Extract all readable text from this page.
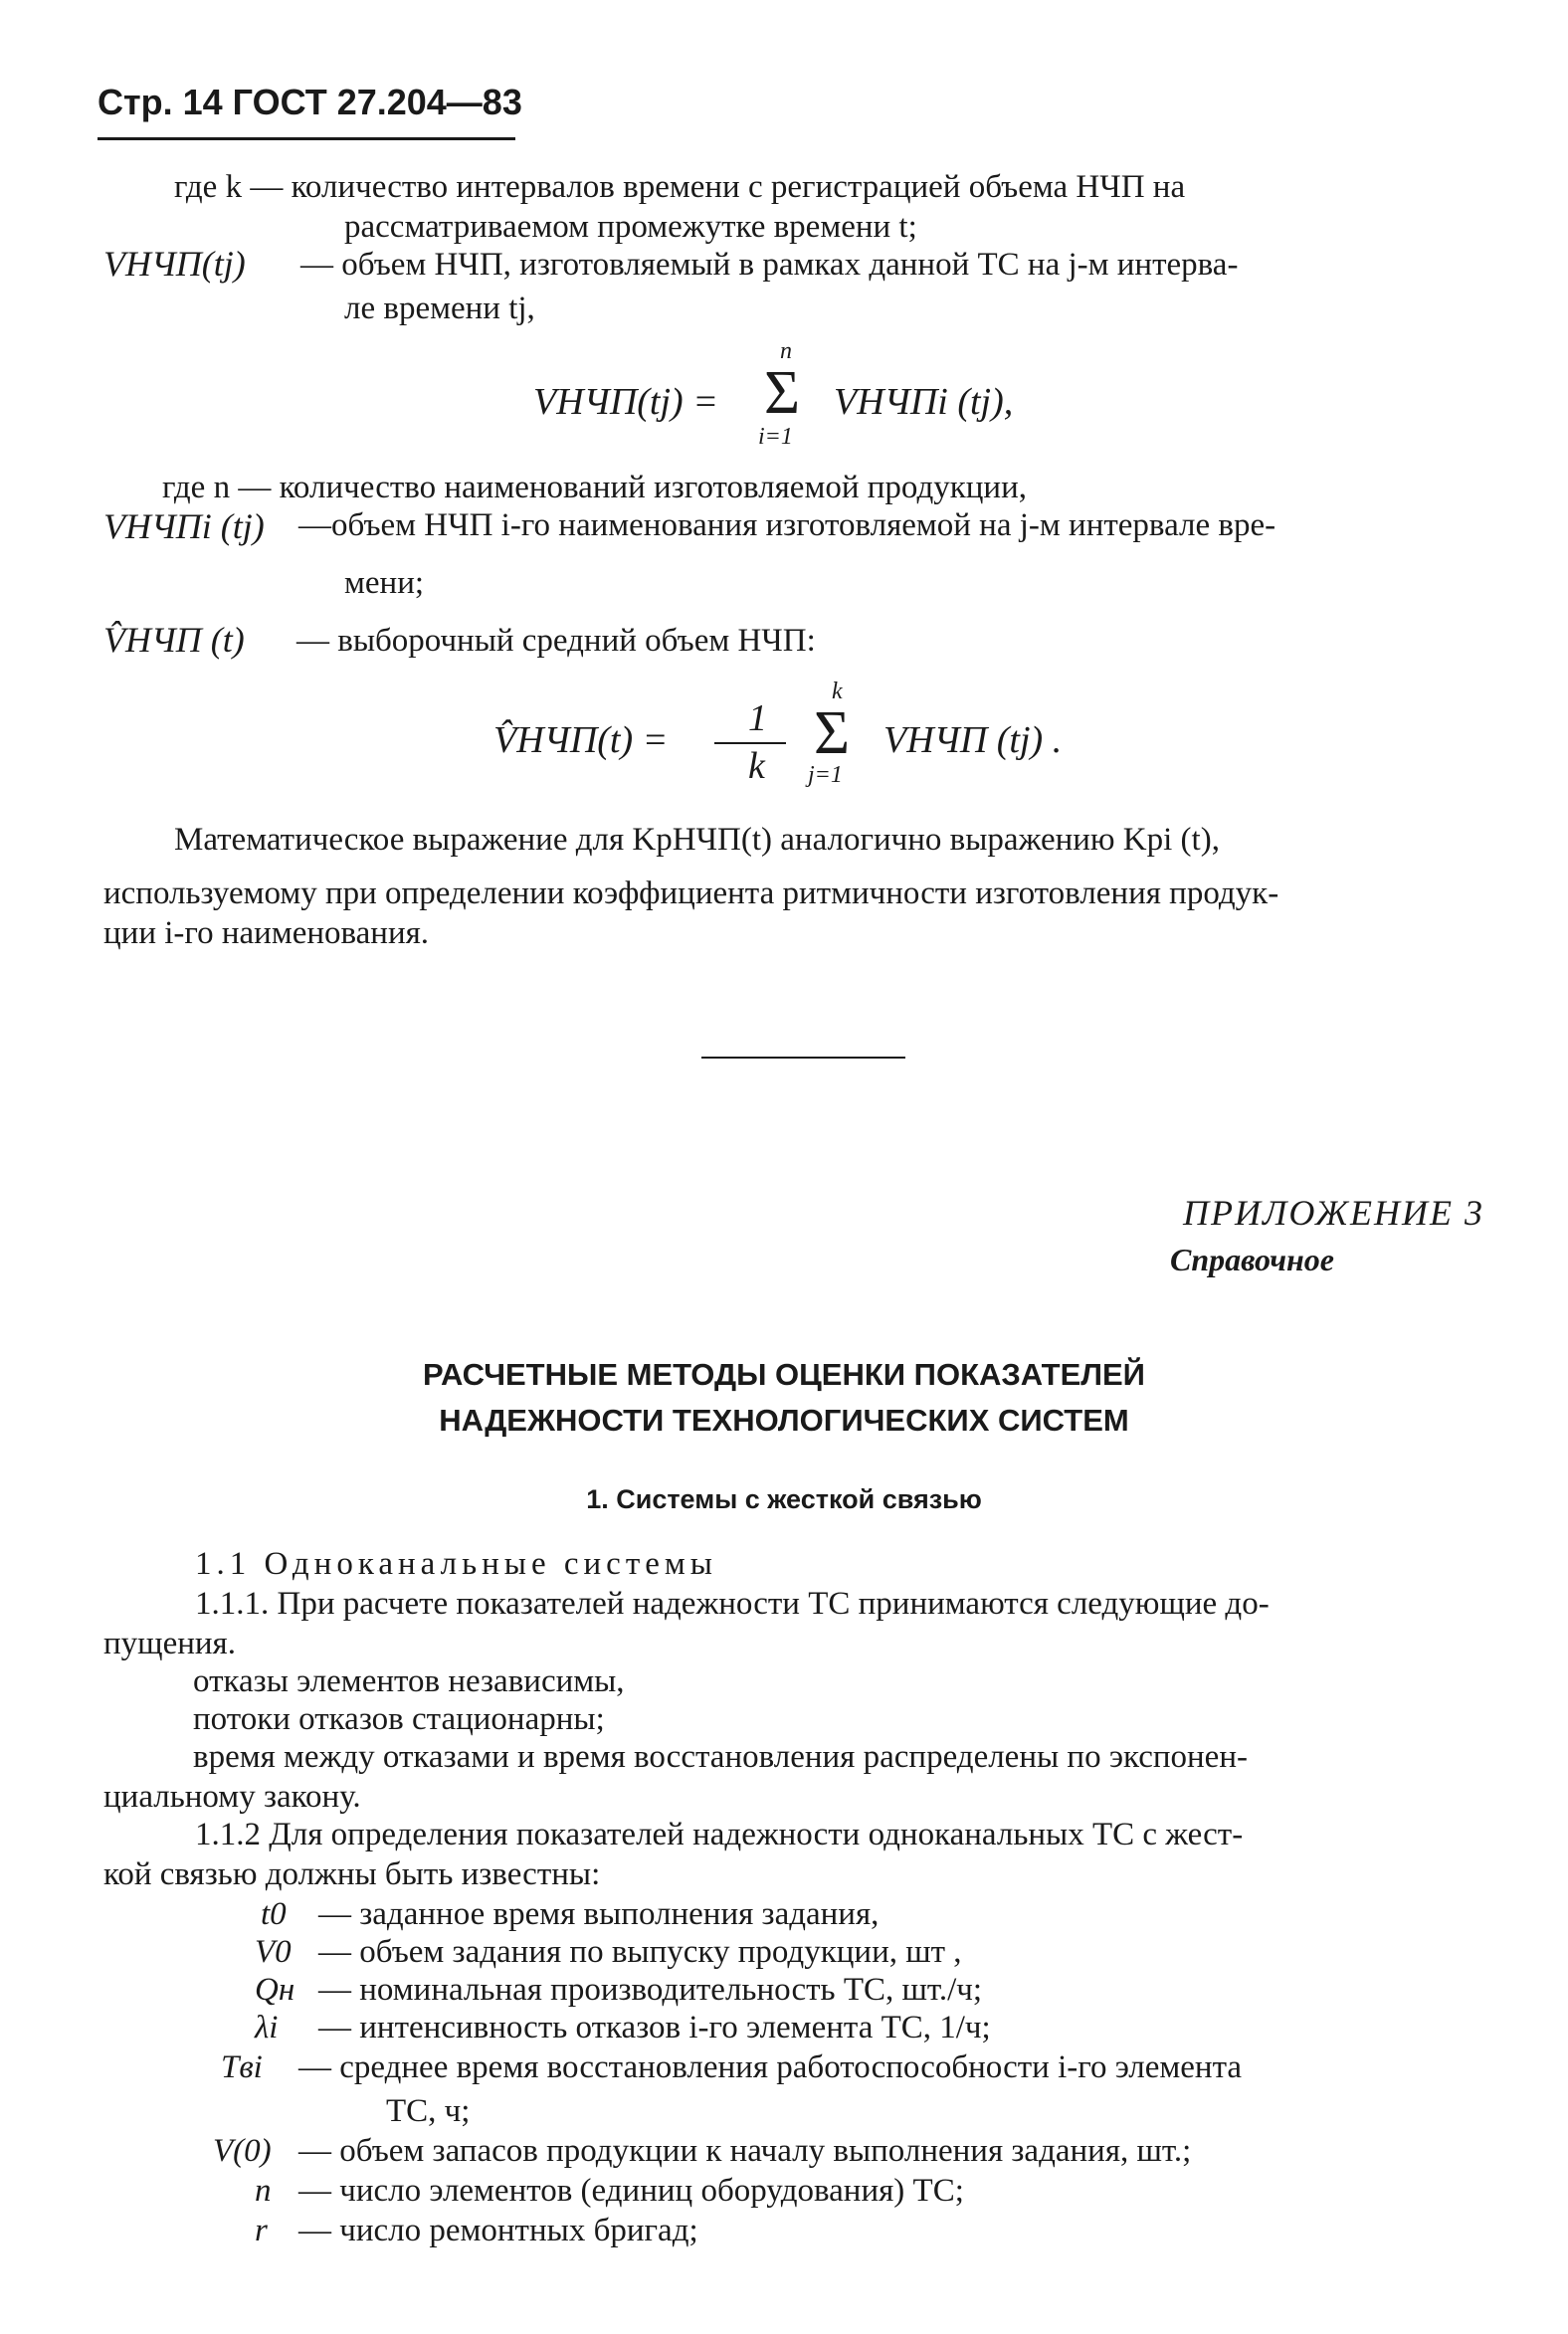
Стр. 14 ГОСТ 27.204—83
где k — количество интервалов времени с регистрацией объема НЧП на
рассматриваемом промежутке времени t;
VНЧП(tj) — объем НЧП, изготовляемый в рамках данной ТС на j-м интерва-
ле времени tj,
n
VНЧП(tj) = Σ VНЧПi (tj),
i=1
где n — количество наименований изготовляемой продукции,
VНЧПi (tj) —объем НЧП i-го наименования изготовляемой на j-м интервале вре-
мени;
V̂НЧП (t) — выборочный средний объем НЧП:
k
V̂НЧП(t) =
1
k Σ VНЧП (tj) .
j=1
Математическое выражение для KpНЧП(t) аналогично выражению Kpi (t),
используемому при определении коэффициента ритмичности изготовления продук-
ции i-го наименования.
ПРИЛОЖЕНИЕ 3
Справочное
РАСЧЕТНЫЕ МЕТОДЫ ОЦЕНКИ ПОКАЗАТЕЛЕЙ
НАДЕЖНОСТИ ТЕХНОЛОГИЧЕСКИХ СИСТЕМ
1. Системы с жесткой связью
1.1 Одноканальные системы
1.1.1. При расчете показателей надежности ТС принимаются следующие до-
пущения.
отказы элементов независимы,
потоки отказов стационарны;
время между отказами и время восстановления распределены по экспонен-
циальному закону.
1.1.2 Для определения показателей надежности одноканальных ТС с жест-
кой связью должны быть известны:
t0 — заданное время выполнения задания,
V0 — объем задания по выпуску продукции, шт ,
Qн — номинальная производительность ТС, шт./ч;
λi — интенсивность отказов i-го элемента ТС, 1/ч;
Tвi — среднее время восстановления работоспособности i-го элемента
ТС, ч;
V(0) — объем запасов продукции к началу выполнения задания, шт.;
n — число элементов (единиц оборудования) ТС;
r — число ремонтных бригад;
